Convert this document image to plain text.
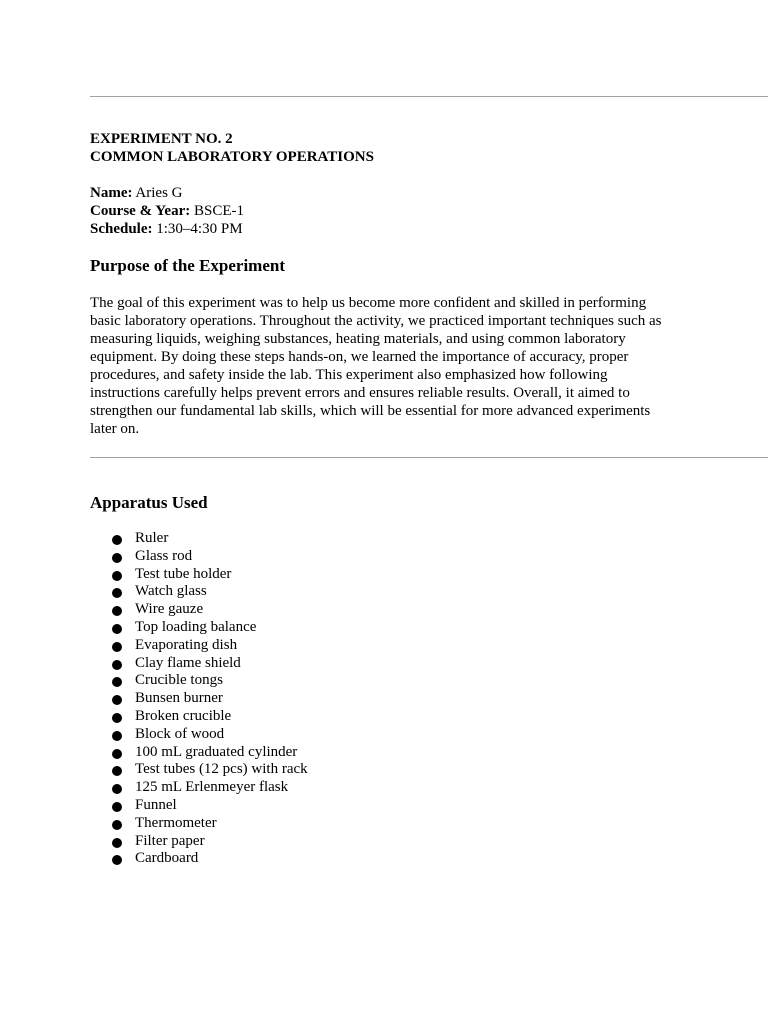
EXPERIMENT NO. 2
COMMON LABORATORY OPERATIONS
Name: Aries G
Course & Year: BSCE-1
Schedule: 1:30–4:30 PM
Purpose of the Experiment

The goal of this experiment was to help us become more confident and skilled in performing basic laboratory operations. Throughout the activity, we practiced important techniques such as measuring liquids, weighing substances, heating materials, and using common laboratory equipment. By doing these steps hands-on, we learned the importance of accuracy, proper procedures, and safety inside the lab. This experiment also emphasized how following instructions carefully helps prevent errors and ensures reliable results. Overall, it aimed to strengthen our fundamental lab skills, which will be essential for more advanced experiments later on.

Apparatus Used
Ruler
Glass rod
Test tube holder
Watch glass
Wire gauze
Top loading balance
Evaporating dish
Clay flame shield
Crucible tongs
Bunsen burner
Broken crucible
Block of wood
100 mL graduated cylinder
Test tubes (12 pcs) with rack
125 mL Erlenmeyer flask
Funnel
Thermometer
Filter paper
Cardboard
